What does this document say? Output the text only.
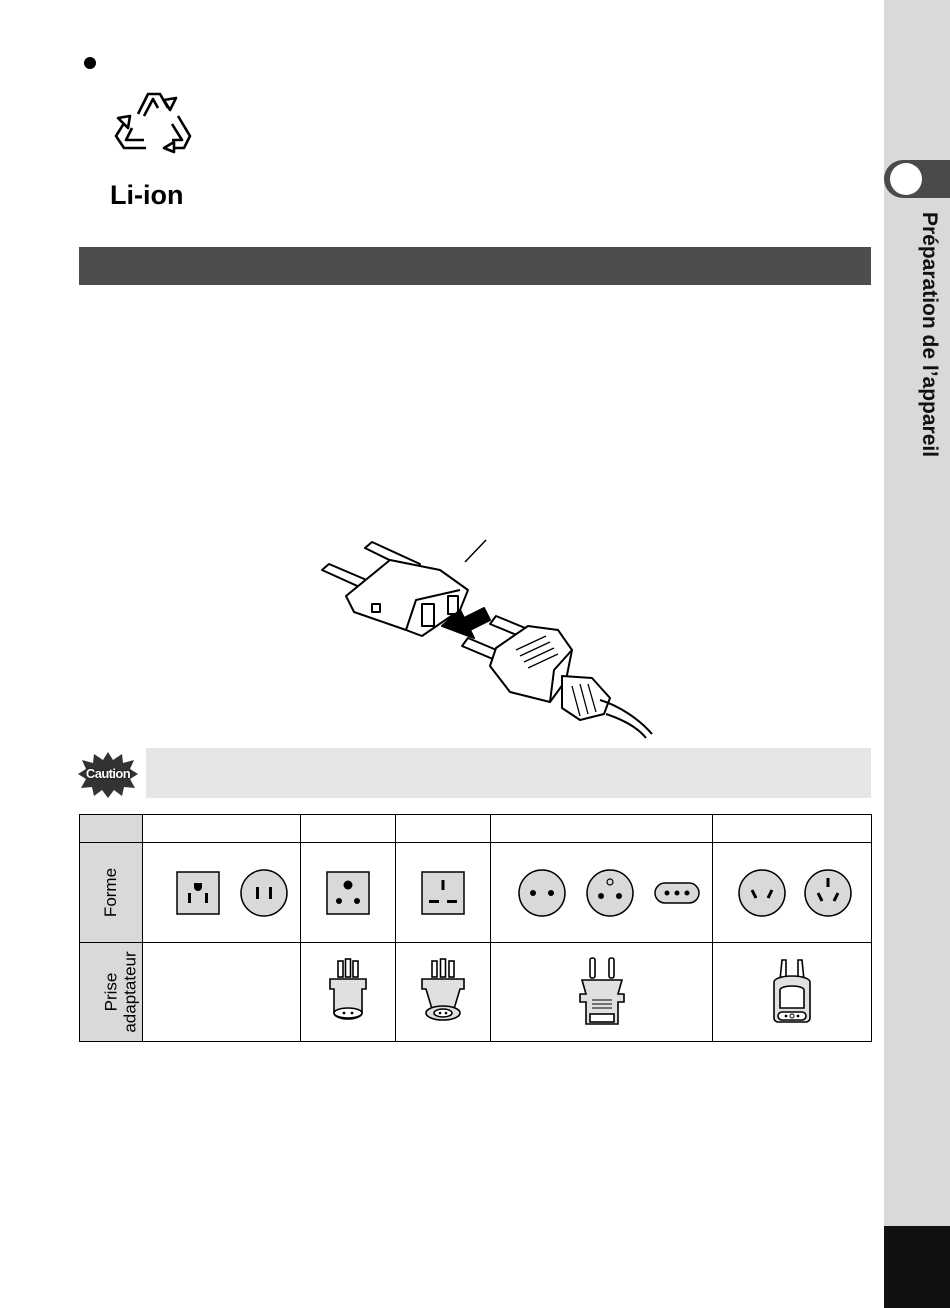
Préparation de l’appareil
Li-ion
Caution

Forme	

Prise adaptateur
